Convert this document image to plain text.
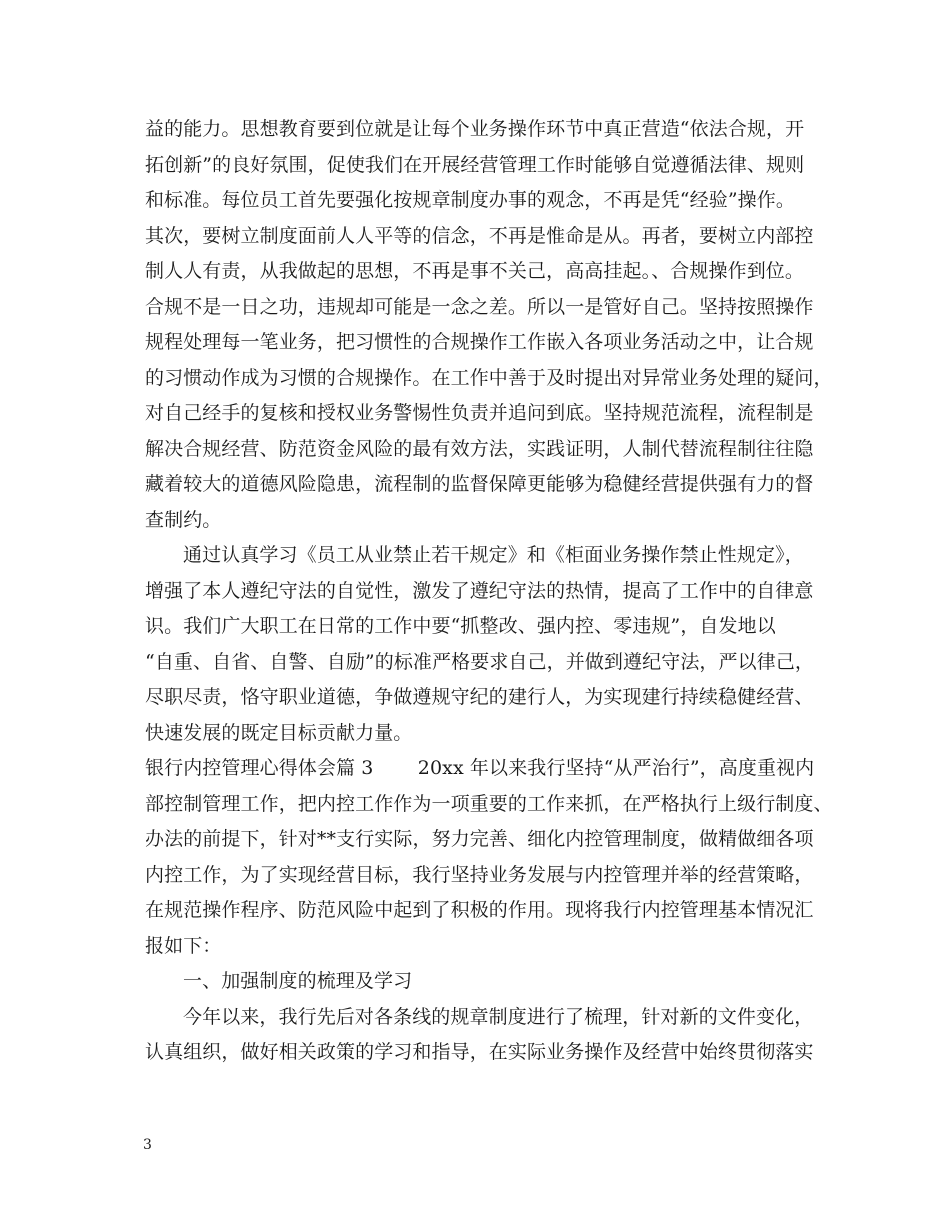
益的能力。思想教育要到位就是让每个业务操作环节中真正营造“依法合规，开
拓创新”的良好氛围，促使我们在开展经营管理工作时能够自觉遵循法律、规则
和标准。每位员工首先要强化按规章制度办事的观念，不再是凭“经验”操作。
其次，要树立制度面前人人平等的信念，不再是惟命是从。再者，要树立内部控
制人人有责，从我做起的思想，不再是事不关己，高高挂起。、合规操作到位。
合规不是一日之功，违规却可能是一念之差。所以一是管好自己。坚持按照操作
规程处理每一笔业务，把习惯性的合规操作工作嵌入各项业务活动之中，让合规
的习惯动作成为习惯的合规操作。在工作中善于及时提出对异常业务处理的疑问，
对自己经手的复核和授权业务警惕性负责并追问到底。坚持规范流程，流程制是
解决合规经营、防范资金风险的最有效方法，实践证明，人制代替流程制往往隐
藏着较大的道德风险隐患，流程制的监督保障更能够为稳健经营提供强有力的督
查制约。
通过认真学习《员工从业禁止若干规定》和《柜面业务操作禁止性规定》，
增强了本人遵纪守法的自觉性，激发了遵纪守法的热情，提高了工作中的自律意
识。我们广大职工在日常的工作中要“抓整改、强内控、零违规”，自发地以
“自重、自省、自警、自励”的标准严格要求自己，并做到遵纪守法，严以律己，
尽职尽责，恪守职业道德，争做遵规守纪的建行人，为实现建行持续稳健经营、
快速发展的既定目标贡献力量。
银行内控管理心得体会篇 3　　 20xx 年以来我行坚持“从严治行”，高度重视内
部控制管理工作，把内控工作作为一项重要的工作来抓，在严格执行上级行制度、
办法的前提下，针对**支行实际，努力完善、细化内控管理制度，做精做细各项
内控工作，为了实现经营目标，我行坚持业务发展与内控管理并举的经营策略，
在规范操作程序、防范风险中起到了积极的作用。现将我行内控管理基本情况汇
报如下：
一、加强制度的梳理及学习
今年以来，我行先后对各条线的规章制度进行了梳理，针对新的文件变化，
认真组织，做好相关政策的学习和指导，在实际业务操作及经营中始终贯彻落实
3
